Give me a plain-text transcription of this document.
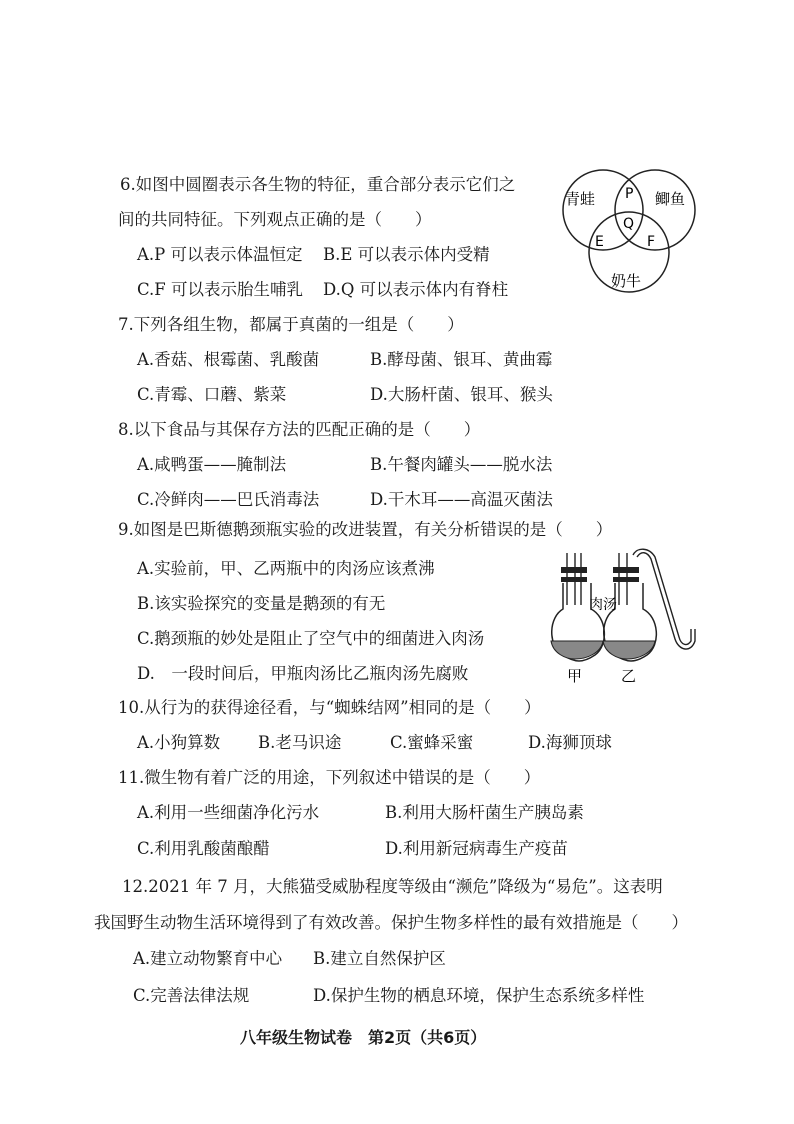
6.如图中圆圈表示各生物的特征，重合部分表示它们之
间的共同特征。下列观点正确的是（　　）
A.P 可以表示体温恒定 B.E 可以表示体内受精
C.F 可以表示胎生哺乳 D.Q 可以表示体内有脊柱
青蛙	鲫鱼
奶牛
P
Q
E	F
7.下列各组生物，都属于真菌的一组是（　　）
A.香菇、根霉菌、乳酸菌	B.酵母菌、银耳、黄曲霉
C.青霉、口蘑、紫菜	D.大肠杆菌、银耳、猴头
8.以下食品与其保存方法的匹配正确的是（　　）
A.咸鸭蛋——腌制法	B.午餐肉罐头——脱水法
C.冷鲜肉——巴氏消毒法	D.干木耳——高温灭菌法
9.如图是巴斯德鹅颈瓶实验的改进装置，有关分析错误的是（　　）
A.实验前，甲、乙两瓶中的肉汤应该煮沸
B.该实验探究的变量是鹅颈的有无
C.鹅颈瓶的妙处是阻止了空气中的细菌进入肉汤
D.　一段时间后，甲瓶肉汤比乙瓶肉汤先腐败
肉汤
甲	乙
10.从行为的获得途径看，与“蜘蛛结网”相同的是（　　）
A.小狗算数 B.老马识途	C.蜜蜂采蜜	D.海狮顶球
11.微生物有着广泛的用途，下列叙述中错误的是（　　）
A.利用一些细菌净化污水	B.利用大肠杆菌生产胰岛素
C.利用乳酸菌酿醋	D.利用新冠病毒生产疫苗
12.2021 年 7 月，大熊猫受威胁程度等级由“濒危”降级为“易危”。这表明
我国野生动物生活环境得到了有效改善。保护生物多样性的最有效措施是（　　）
A.建立动物繁育中心 B.建立自然保护区
C.完善法律法规	D.保护生物的栖息环境，保护生态系统多样性
八年级生物试卷　第2页（共6页）
